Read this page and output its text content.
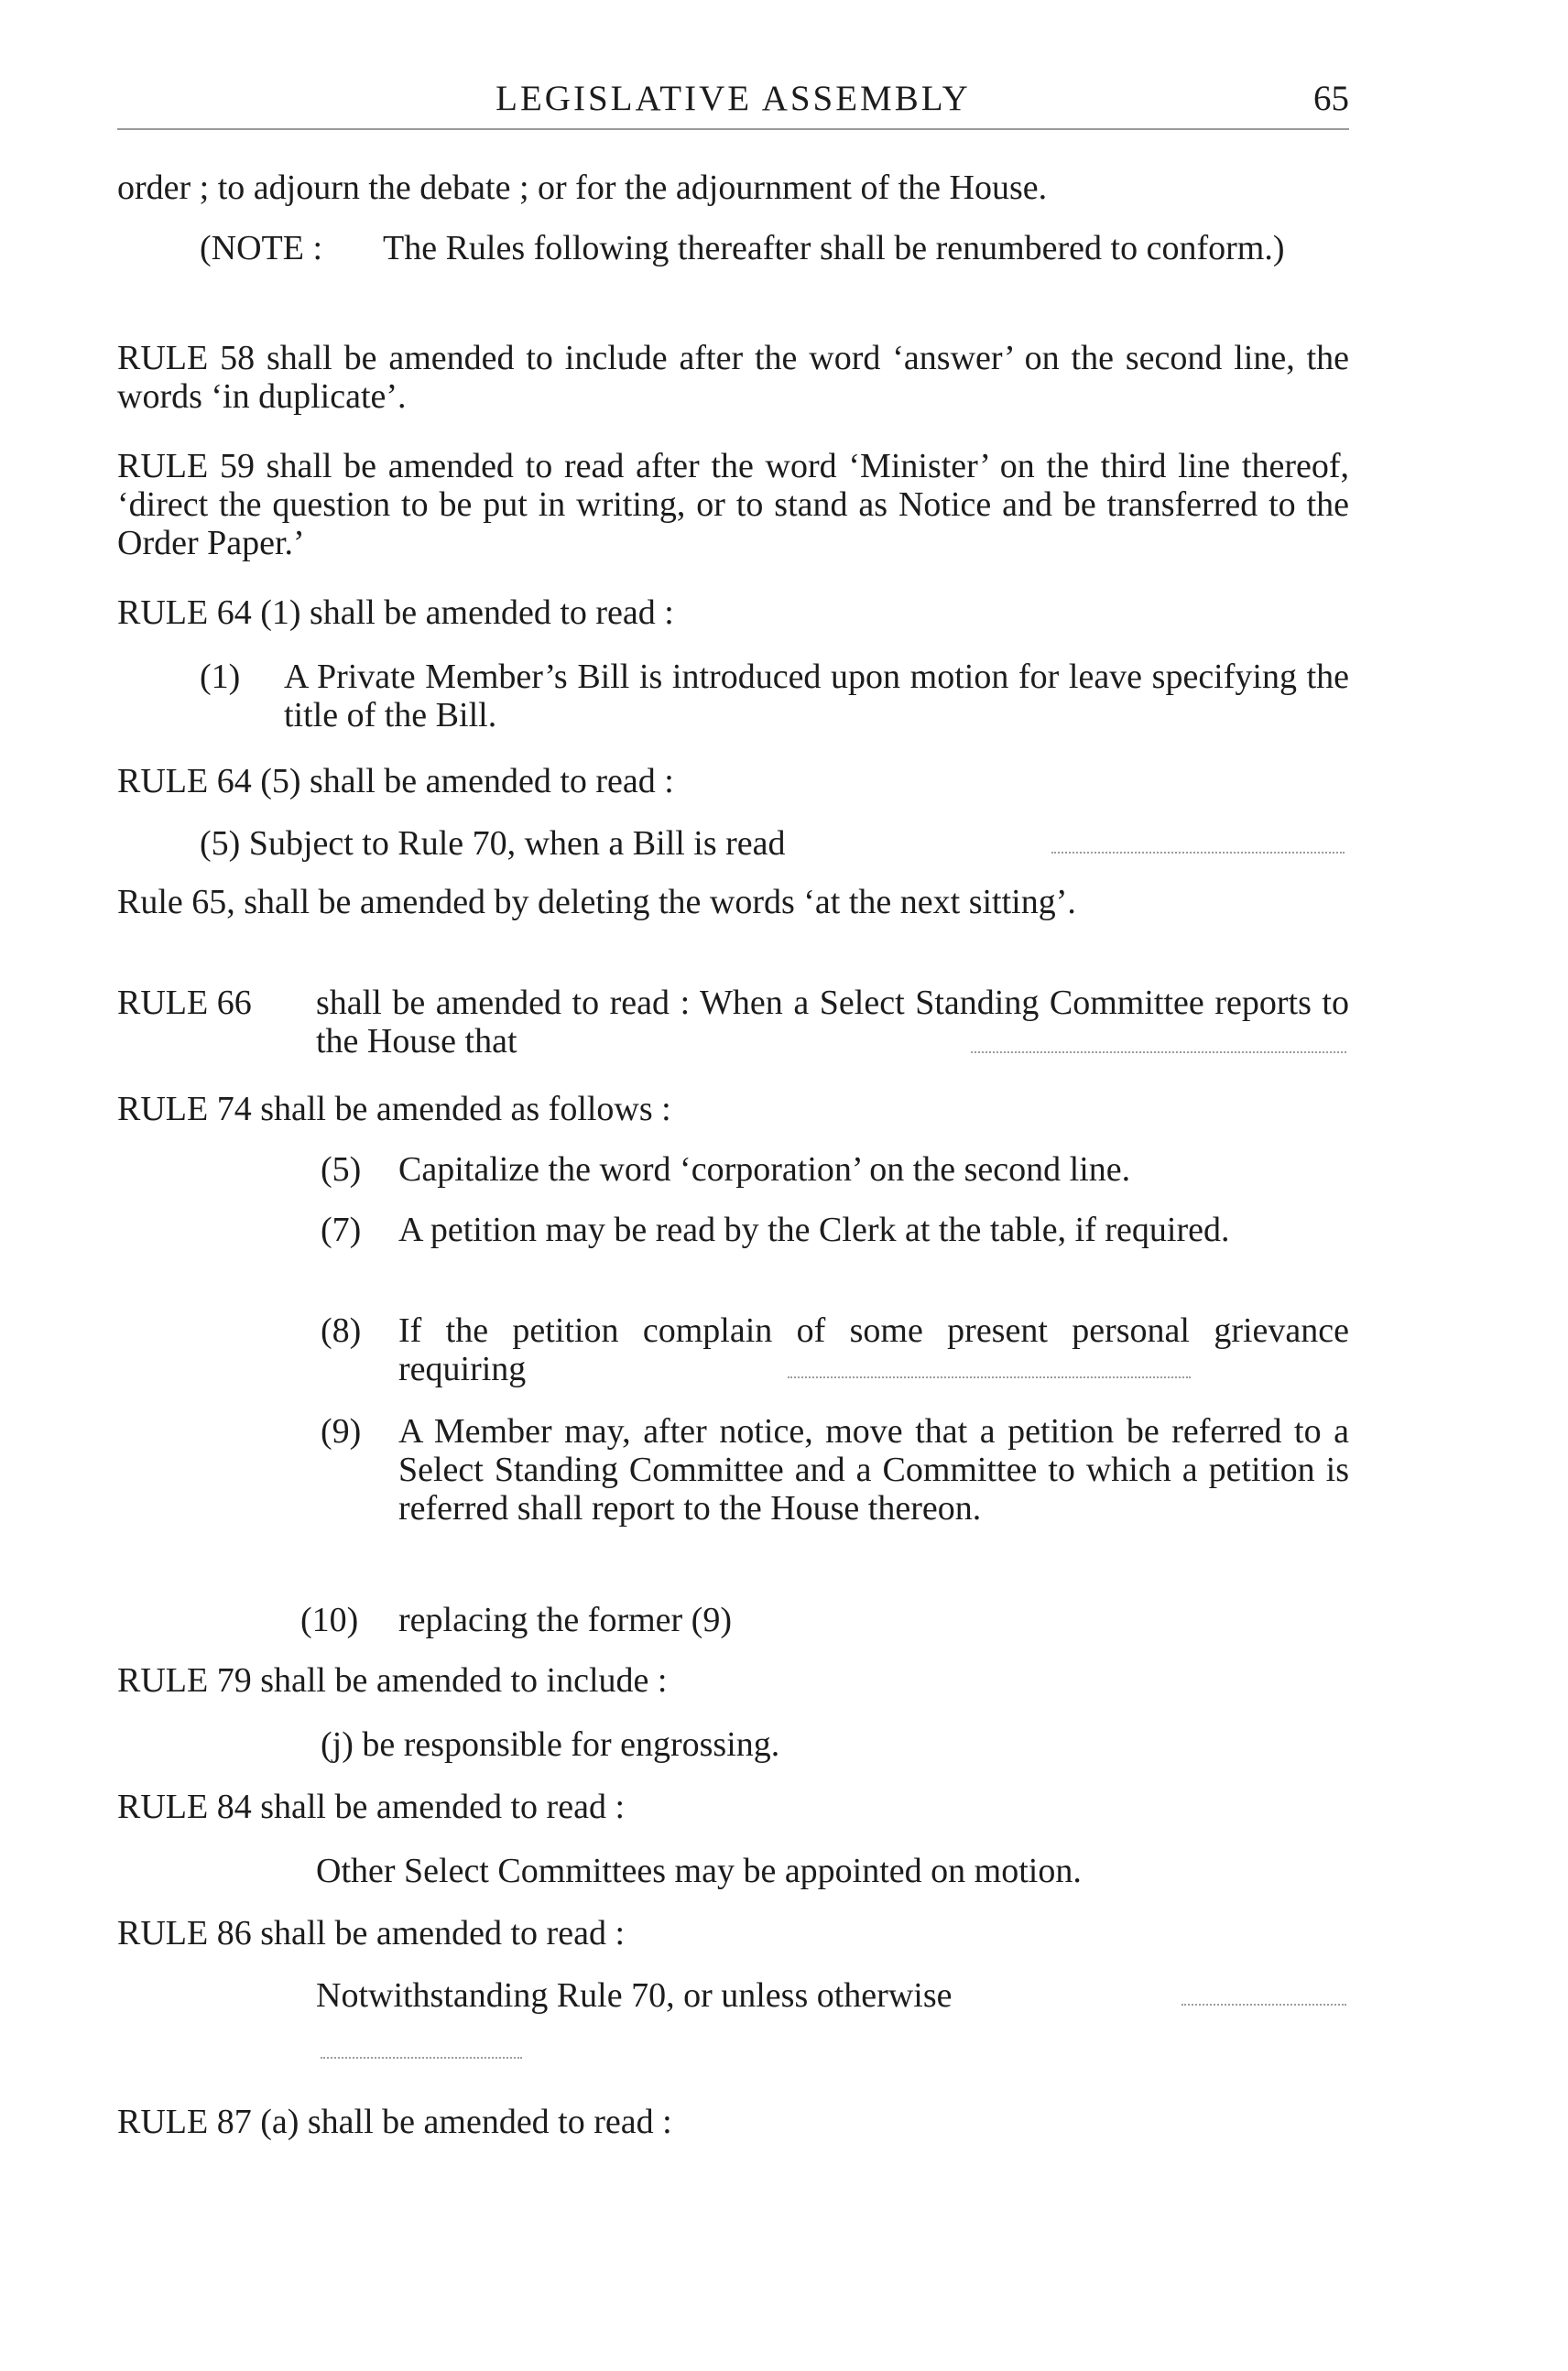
LEGISLATIVE ASSEMBLY	65
order ; to adjourn the debate ; or for the adjournment of the House.
(NOTE : The Rules following thereafter shall be renumbered to conform.)
RULE 58 shall be amended to include after the word ‘answer’ on the second line, the words ‘in duplicate’.
RULE 59 shall be amended to read after the word ‘Minister’ on the third line thereof, ‘direct the question to be put in writing, or to stand as Notice and be transferred to the Order Paper.’
RULE 64 (1) shall be amended to read :
(1) A Private Member’s Bill is introduced upon motion for leave specifying the title of the Bill.
RULE 64 (5) shall be amended to read :
(5) Subject to Rule 70, when a Bill is read
Rule 65, shall be amended by deleting the words ‘at the next sitting’.
RULE 66 shall be amended to read : When a Select Standing Committee reports to the House that
RULE 74 shall be amended as follows :
(5) Capitalize the word ‘corporation’ on the second line.
(7) A petition may be read by the Clerk at the table, if required.
(8) If the petition complain of some present personal grievance requiring
(9) A Member may, after notice, move that a petition be referred to a Select Standing Committee and a Committee to which a petition is referred shall report to the House thereon.
(10) replacing the former (9)
RULE 79 shall be amended to include :
(j) be responsible for engrossing.
RULE 84 shall be amended to read :
Other Select Committees may be appointed on motion.
RULE 86 shall be amended to read :
Notwithstanding Rule 70, or unless otherwise
RULE 87 (a) shall be amended to read :
